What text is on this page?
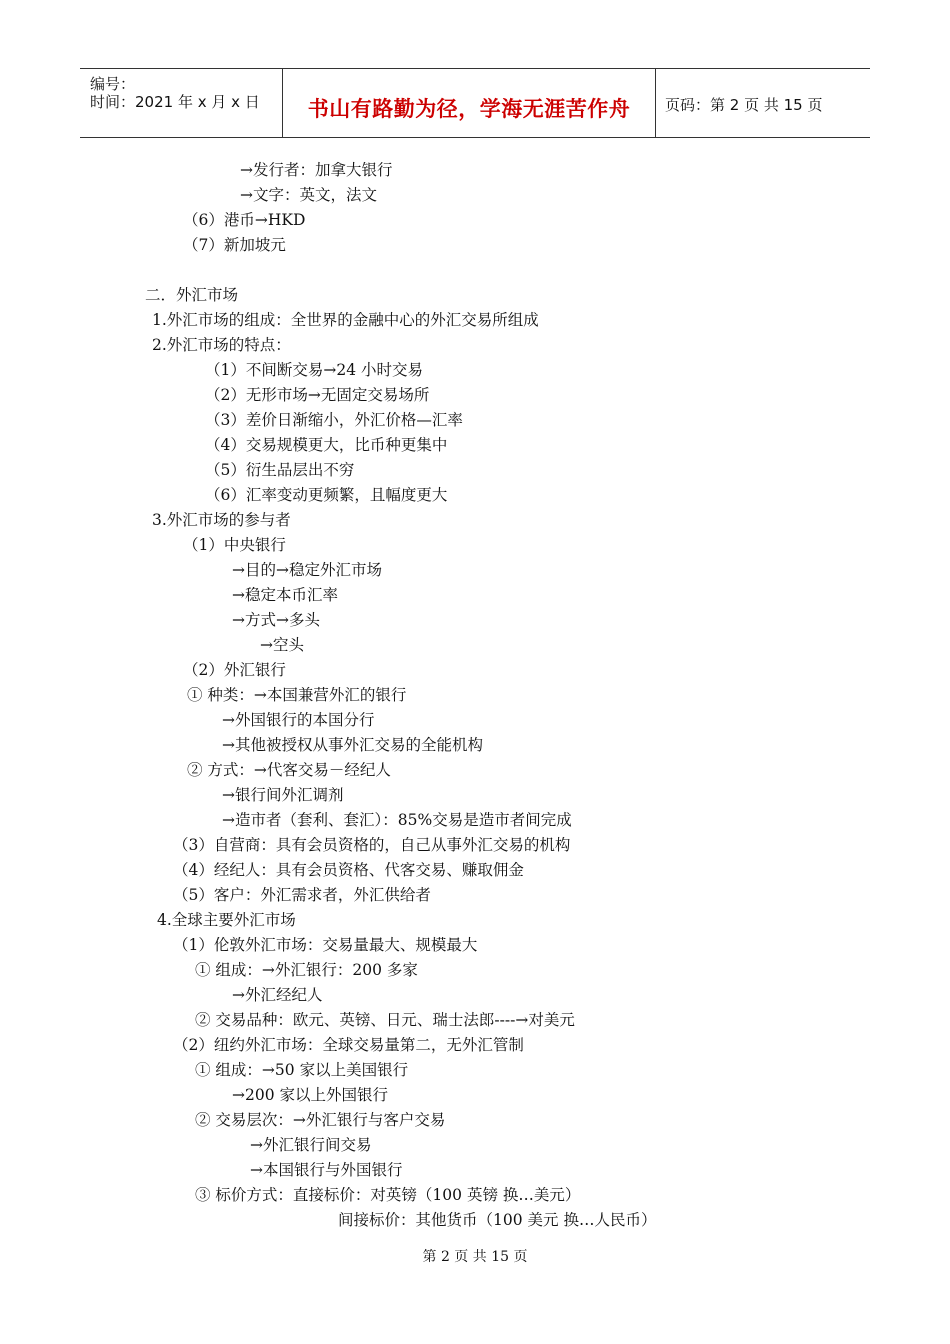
编号：
时间：2021 年 x 月 x 日	书山有路勤为径，学海无涯苦作舟	页码：第 2 页 共 15 页
→发行者：加拿大银行
→文字：英文，法文
（6）港币→HKD
（7）新加坡元
二．外汇市场
1.外汇市场的组成：全世界的金融中心的外汇交易所组成
2.外汇市场的特点：
（1）不间断交易→24 小时交易
（2）无形市场→无固定交易场所
（3）差价日渐缩小，外汇价格—汇率
（4）交易规模更大，比币种更集中
（5）衍生品层出不穷
（6）汇率变动更频繁，且幅度更大
3.外汇市场的参与者
（1）中央银行
→目的→稳定外汇市场
→稳定本币汇率
→方式→多头
→空头
（2）外汇银行
① 种类：→本国兼营外汇的银行
→外国银行的本国分行
→其他被授权从事外汇交易的全能机构
② 方式：→代客交易－经纪人
→银行间外汇调剂
→造市者（套利、套汇）：85%交易是造市者间完成
（3）自营商：具有会员资格的，自己从事外汇交易的机构
（4）经纪人：具有会员资格、代客交易、赚取佣金
（5）客户：外汇需求者，外汇供给者
4.全球主要外汇市场
（1）伦敦外汇市场：交易量最大、规模最大
① 组成：→外汇银行：200 多家
→外汇经纪人
② 交易品种：欧元、英镑、日元、瑞士法郎----→对美元
（2）纽约外汇市场：全球交易量第二，无外汇管制
① 组成：→50 家以上美国银行
→200 家以上外国银行
② 交易层次：→外汇银行与客户交易
→外汇银行间交易
→本国银行与外国银行
③ 标价方式：直接标价：对英镑（100 英镑 换…美元）
间接标价：其他货币（100 美元 换…人民币）
第 2 页 共 15 页
